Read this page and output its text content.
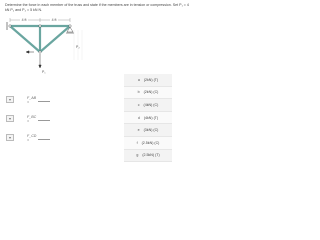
Determine the force in each member of the truss and state if the members are in tension or compression. Set P₁ = 4 kN P₂ and P₂ = 5 kN N.
4 ft	4 ft
P₁
P₂
▾	F_AB =
▾	F_BC =
▾	F_CD =
a (2kN) (T)
b (2kN) (C)
c (4kN) (C)
d (4kN) (T)
e (3kN) (C)
f (2.5kN) (C)
g (2.5kN) (T)
